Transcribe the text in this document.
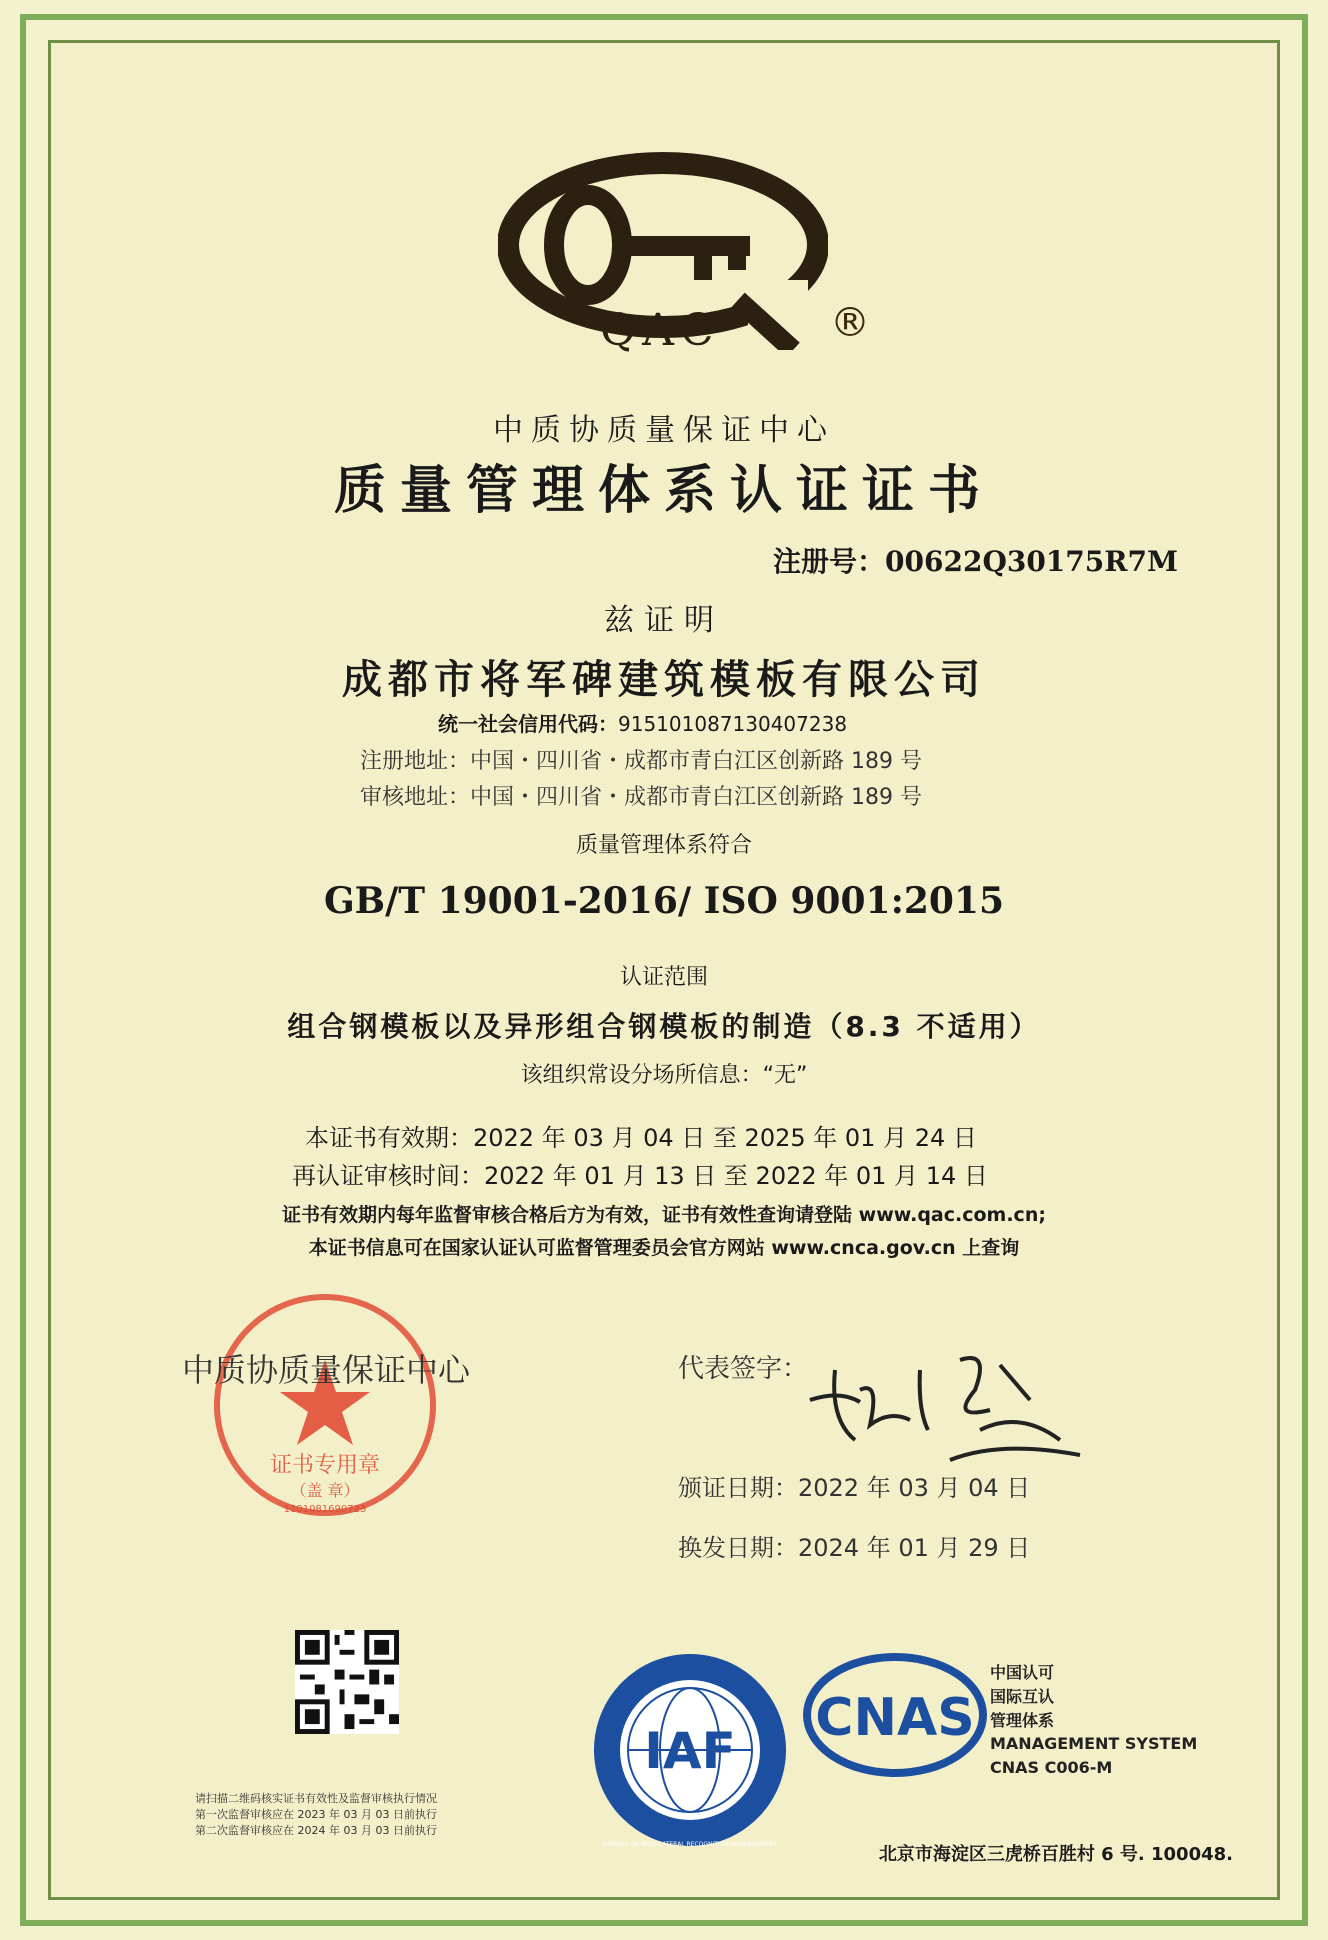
QAC	®
中质协质量保证中心
质量管理体系认证证书
注册号：00622Q30175R7M
兹证明
成都市将军碑建筑模板有限公司
统一社会信用代码：91510108713040723​8
注册地址：中国・四川省・成都市青白江区创新路 189 号
审核地址：中国・四川省・成都市青白江区创新路 189 号
质量管理体系符合
GB/T 19001-2016/ ISO 9001:2015
认证范围
组合钢模板以及异形组合钢模板的制造（8.3 不适用）
该组织常设分场所信息：“无”
本证书有效期：2022 年 03 月 04 日 至 2025 年 01 月 24 日
再认证审核时间：2022 年 01 月 13 日 至 2022 年 01 月 14 日
证书有效期内每年监督审核合格后方为有效，证书有效性查询请登陆 www.qac.com.cn;
本证书信息可在国家认证认可监督管理委员会官方网站 www.cnca.gov.cn 上查询
证书专用章
（盖 章）
1101081690723
中质协质量保证中心	代表签字：
颁证日期：2022 年 03 月 04 日
换发日期：2024 年 01 月 29 日
请扫描二维码核实证书有效性及监督审核执行情况
第一次监督审核应在 2023 年 03 月 03 日前执行
第二次监督审核应在 2024 年 03 月 03 日前执行
IAF
MEMBER OF MULTILATERAL RECOGNITION ARRANGEMENT
CNAS
中国认可
国际互认
管理体系
MANAGEMENT SYSTEM
CNAS C006-M
北京市海淀区三虎桥百胜村 6 号. 100048.
